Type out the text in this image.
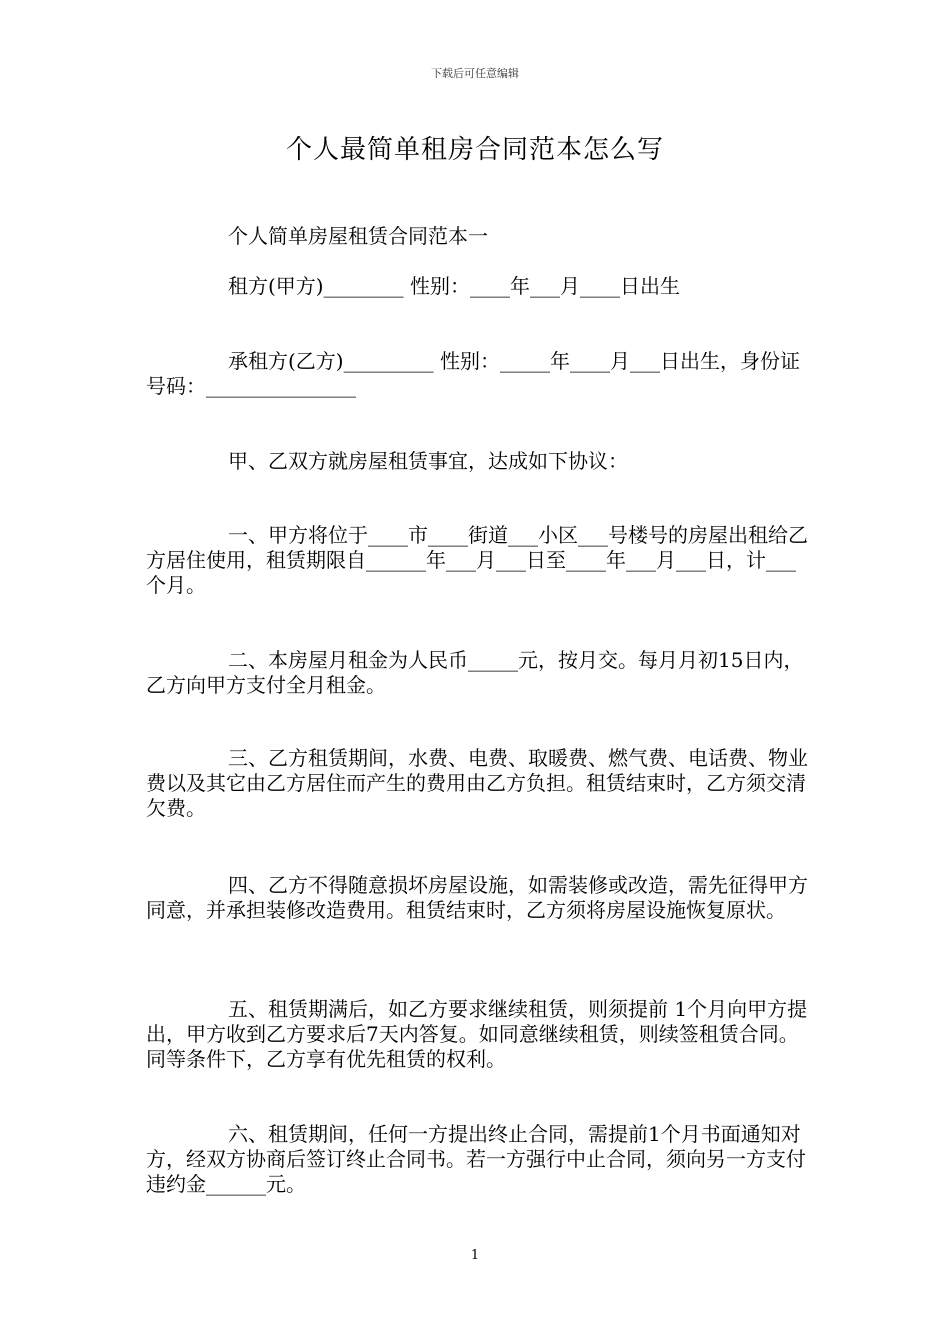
下载后可任意编辑
个人最简单租房合同范本怎么写
个人简单房屋租赁合同范本一
租方(甲方)________ 性别：____年___月____日出生
承租方(乙方)_________ 性别：_____年____月___日出生，身份证号码：_______________
甲、乙双方就房屋租赁事宜，达成如下协议：
一、甲方将位于____市____街道___小区___号楼号的房屋出租给乙方居住使用，租赁期限自______年___月___日至____年___月___日，计___个月。
二、本房屋月租金为人民币_____元，按月交。每月月初15日内，乙方向甲方支付全月租金。
三、乙方租赁期间，水费、电费、取暖费、燃气费、电话费、物业费以及其它由乙方居住而产生的费用由乙方负担。租赁结束时，乙方须交清欠费。
四、乙方不得随意损坏房屋设施，如需装修或改造，需先征得甲方同意，并承担装修改造费用。租赁结束时，乙方须将房屋设施恢复原状。
五、租赁期满后，如乙方要求继续租赁，则须提前 1个月向甲方提出，甲方收到乙方要求后7天内答复。如同意继续租赁，则续签租赁合同。同等条件下，乙方享有优先租赁的权利。
六、租赁期间，任何一方提出终止合同，需提前1个月书面通知对方，经双方协商后签订终止合同书。若一方强行中止合同，须向另一方支付违约金______元。
1
